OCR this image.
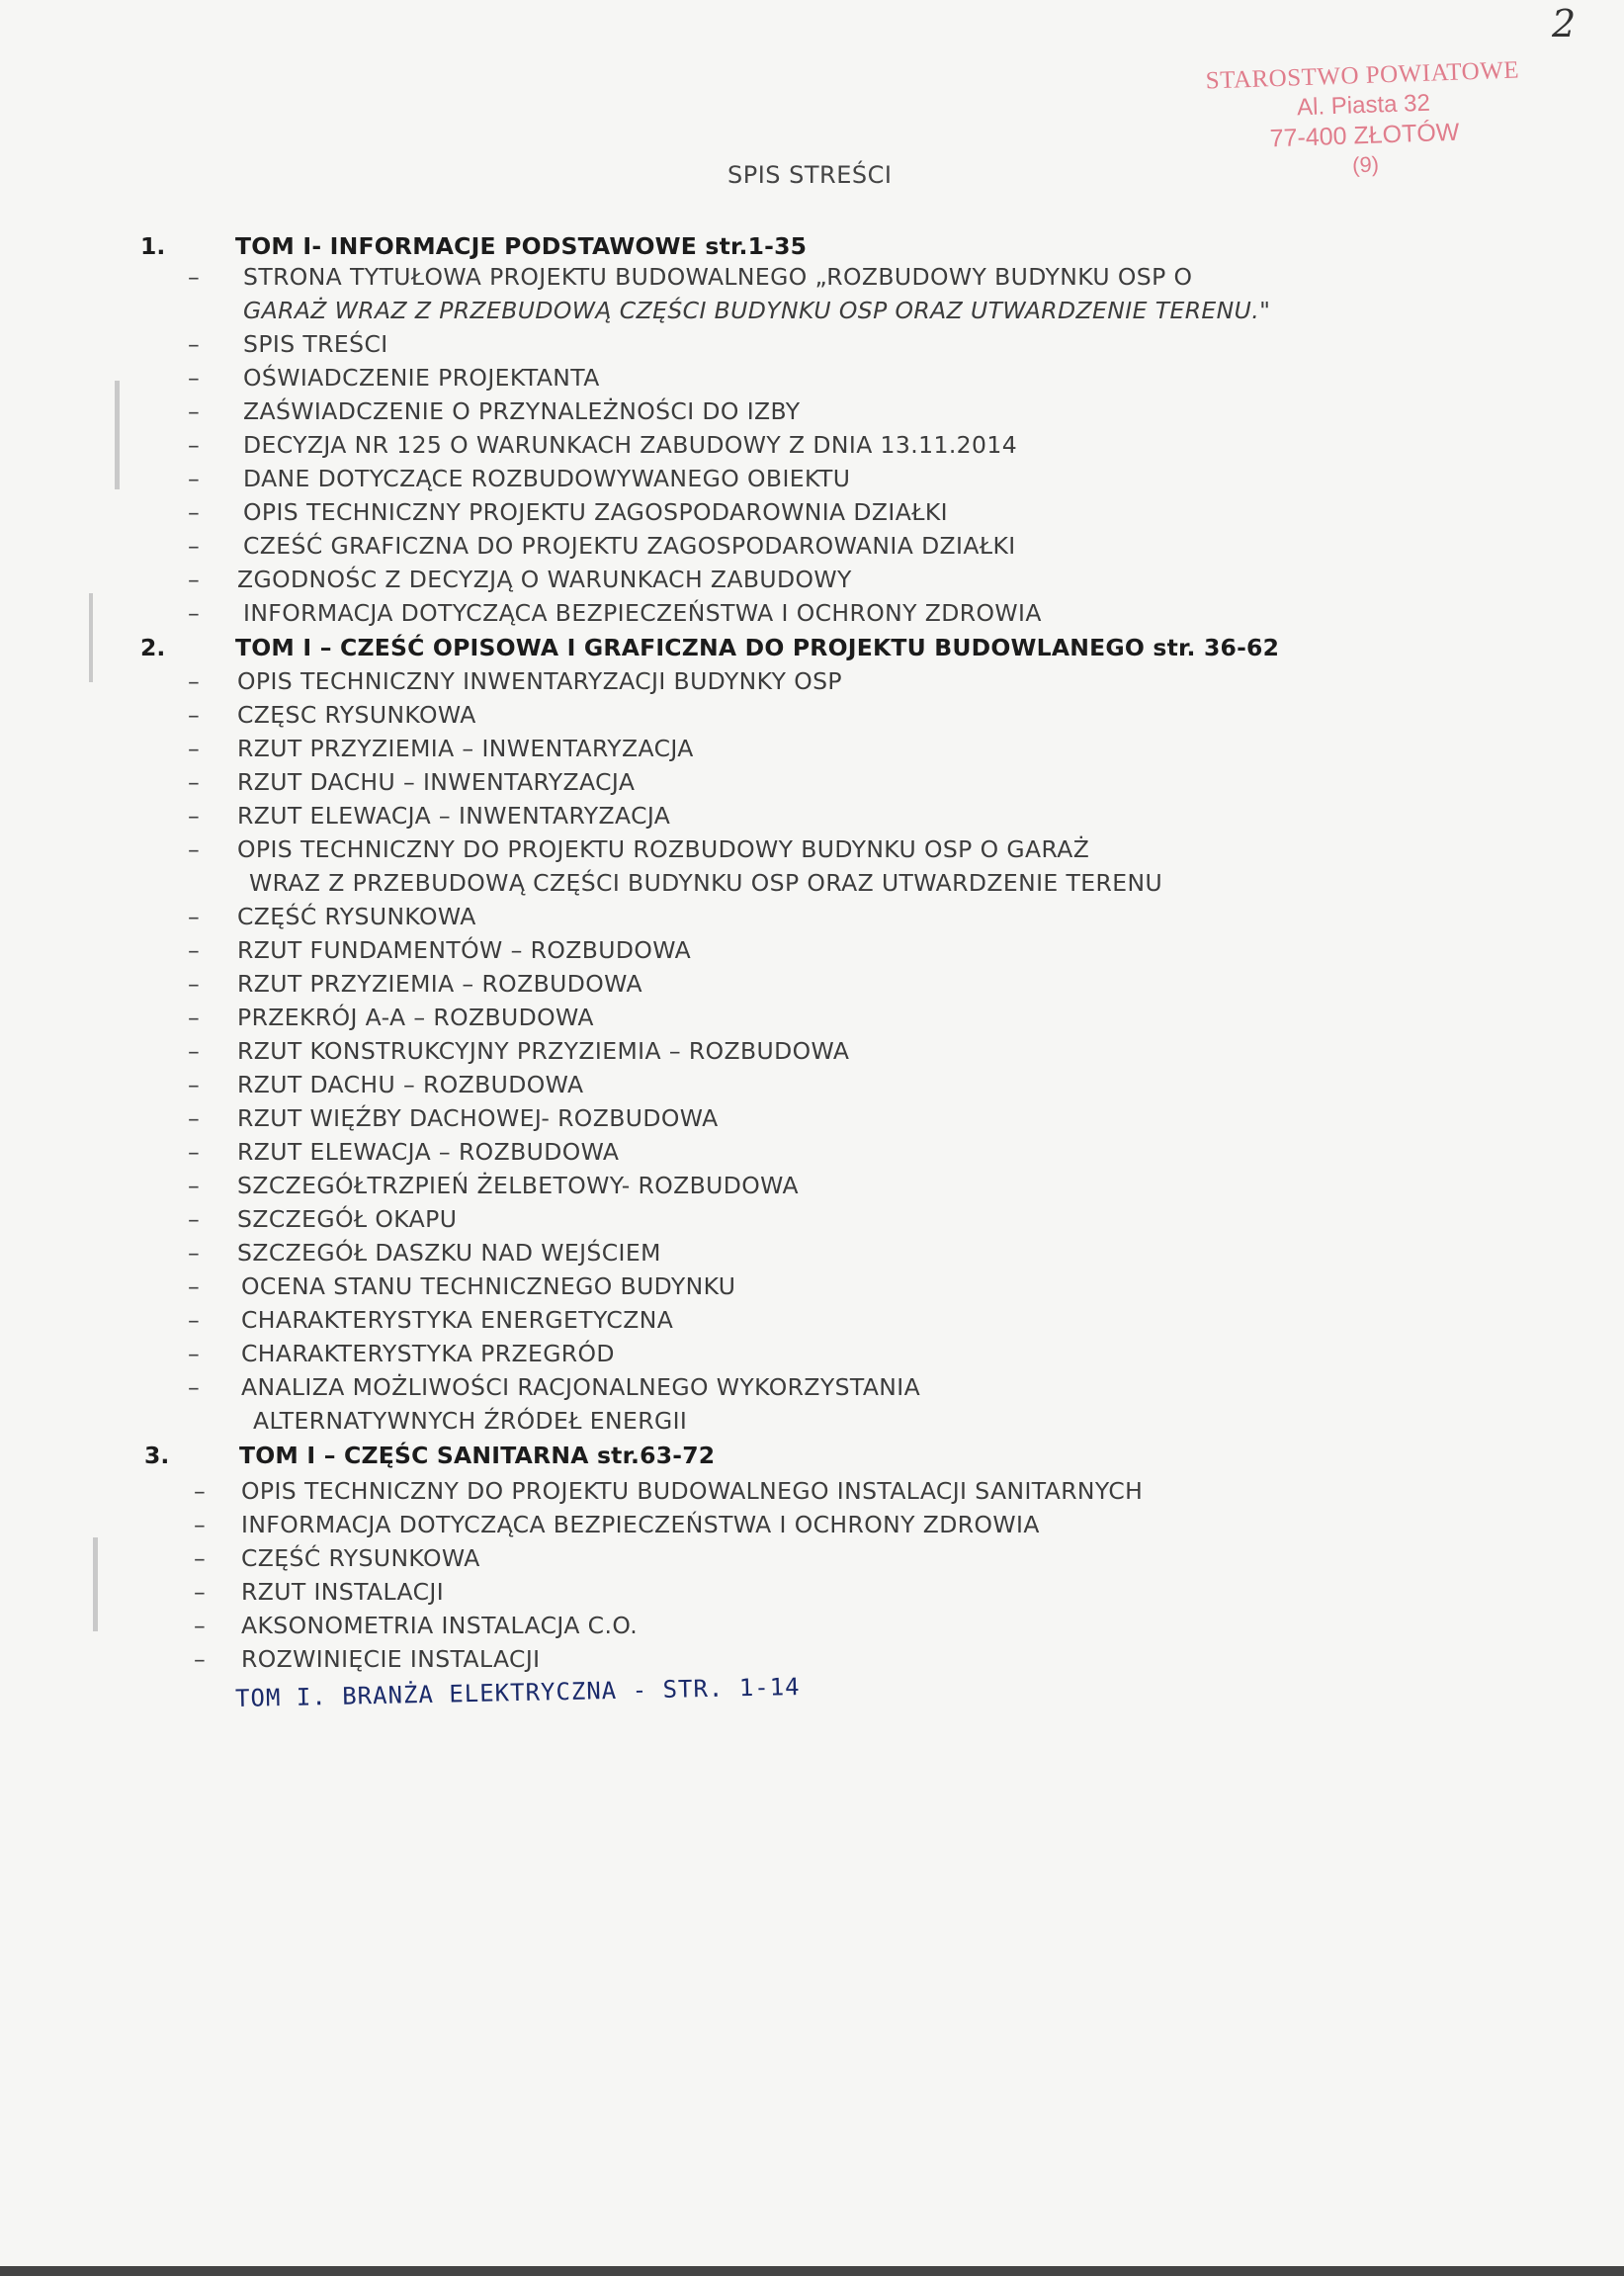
2
STAROSTWO POWIATOWE
Al. Piasta 32
77-400 ZŁOTÓW
(9)
SPIS STREŚCI
1.	TOM I- INFORMACJE PODSTAWOWE str.1-35
– STRONA TYTUŁOWA PROJEKTU BUDOWALNEGO „ROZBUDOWY BUDYNKU OSP O
GARAŻ WRAZ Z PRZEBUDOWĄ CZĘŚCI BUDYNKU OSP ORAZ UTWARDZENIE TERENU."
– SPIS TREŚCI
– OŚWIADCZENIE PROJEKTANTA
– ZAŚWIADCZENIE O PRZYNALEŻNOŚCI DO IZBY
– DECYZJA NR 125 O WARUNKACH ZABUDOWY Z DNIA 13.11.2014
– DANE DOTYCZĄCE ROZBUDOWYWANEGO OBIEKTU
– OPIS TECHNICZNY PROJEKTU ZAGOSPODAROWNIA DZIAŁKI
– CZEŚĆ GRAFICZNA DO PROJEKTU ZAGOSPODAROWANIA DZIAŁKI
– ZGODNOŚC Z DECYZJĄ O WARUNKACH ZABUDOWY
– INFORMACJA DOTYCZĄCA BEZPIECZEŃSTWA I OCHRONY ZDROWIA
2.	TOM I – CZEŚĆ OPISOWA I GRAFICZNA DO PROJEKTU BUDOWLANEGO str. 36-62
– OPIS TECHNICZNY INWENTARYZACJI BUDYNKY OSP
– CZĘSC RYSUNKOWA
– RZUT PRZYZIEMIA – INWENTARYZACJA
– RZUT DACHU – INWENTARYZACJA
– RZUT ELEWACJA – INWENTARYZACJA
– OPIS TECHNICZNY DO PROJEKTU ROZBUDOWY BUDYNKU OSP O GARAŻ
WRAZ Z PRZEBUDOWĄ CZĘŚCI BUDYNKU OSP ORAZ UTWARDZENIE TERENU
– CZĘŚĆ RYSUNKOWA
– RZUT FUNDAMENTÓW – ROZBUDOWA
– RZUT PRZYZIEMIA – ROZBUDOWA
– PRZEKRÓJ A-A – ROZBUDOWA
– RZUT KONSTRUKCYJNY PRZYZIEMIA – ROZBUDOWA
– RZUT DACHU – ROZBUDOWA
– RZUT WIĘŹBY DACHOWEJ- ROZBUDOWA
– RZUT ELEWACJA – ROZBUDOWA
– SZCZEGÓŁTRZPIEŃ ŻELBETOWY- ROZBUDOWA
– SZCZEGÓŁ OKAPU
– SZCZEGÓŁ DASZKU NAD WEJŚCIEM
– OCENA STANU TECHNICZNEGO BUDYNKU
– CHARAKTERYSTYKA ENERGETYCZNA
– CHARAKTERYSTYKA PRZEGRÓD
– ANALIZA MOŻLIWOŚCI RACJONALNEGO WYKORZYSTANIA
ALTERNATYWNYCH ŹRÓDEŁ ENERGII
3.	TOM I – CZĘŚC SANITARNA str.63-72
– OPIS TECHNICZNY DO PROJEKTU BUDOWALNEGO INSTALACJI SANITARNYCH
– INFORMACJA DOTYCZĄCA BEZPIECZEŃSTWA I OCHRONY ZDROWIA
– CZĘŚĆ RYSUNKOWA
– RZUT INSTALACJI
– AKSONOMETRIA INSTALACJA C.O.
– ROZWINIĘCIE INSTALACJI
TOM I. BRANŻA ELEKTRYCZNA - STR. 1-14
